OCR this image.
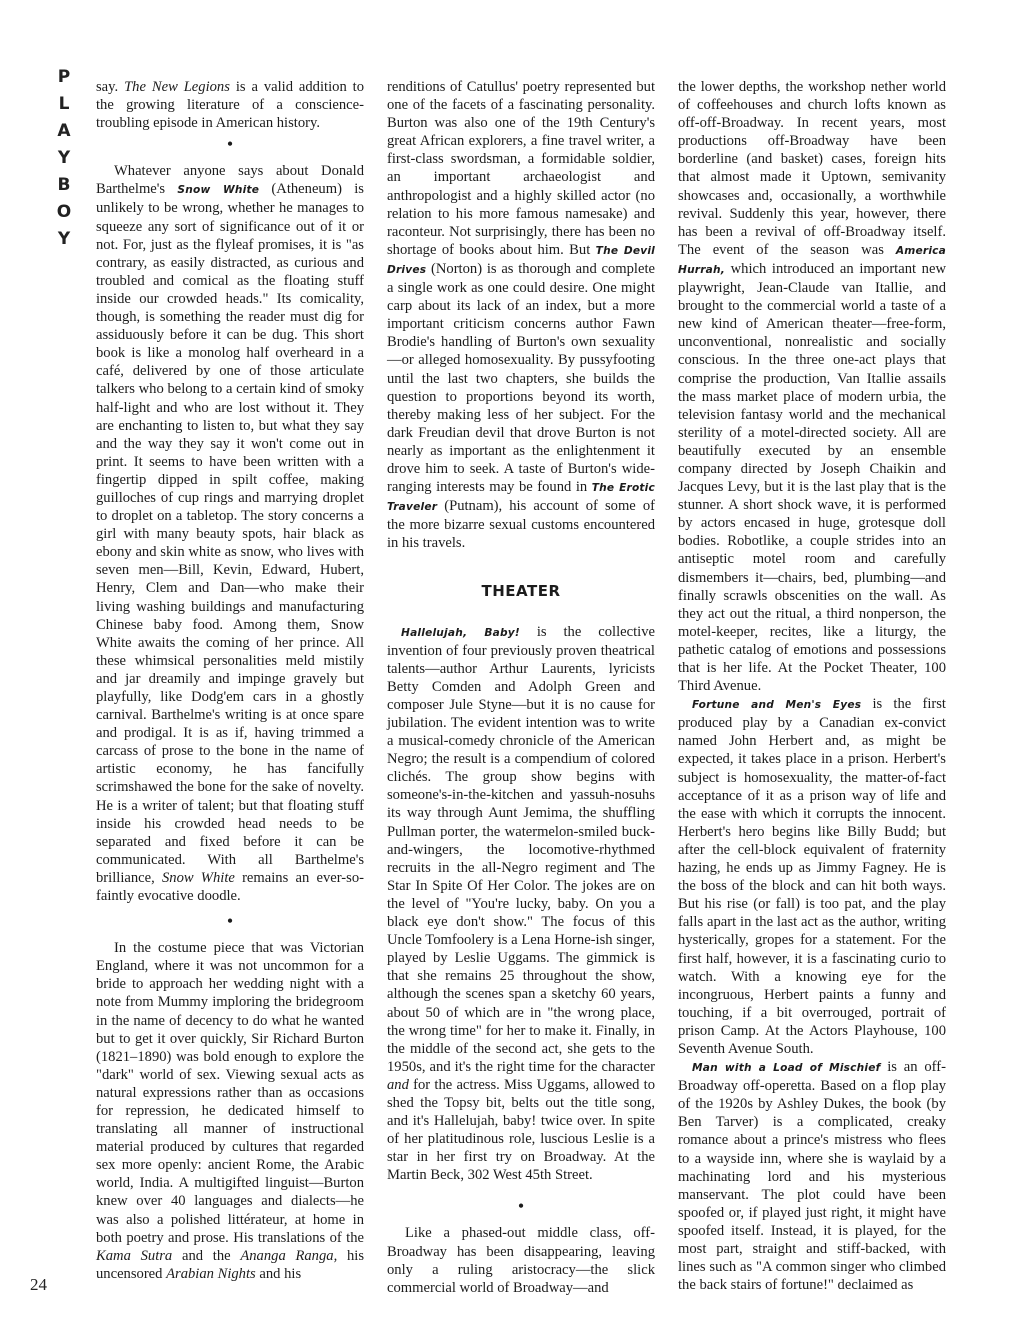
P
L
A
Y
B
O
Y
24

say. The New Legions is a valid addition to the growing literature of a conscience-troubling episode in American history.

•

Whatever anyone says about Donald Barthelme's Snow White (Atheneum) is unlikely to be wrong, whether he manages to squeeze any sort of significance out of it or not. For, just as the flyleaf promises, it is "as contrary, as easily distracted, as curious and troubled and comical as the floating stuff inside our crowded heads." Its comicality, though, is something the reader must dig for assiduously before it can be dug. This short book is like a monolog half overheard in a café, delivered by one of those articulate talkers who belong to a certain kind of smoky half-light and who are lost without it. They are enchanting to listen to, but what they say and the way they say it won't come out in print. It seems to have been written with a fingertip dipped in spilt coffee, making guilloches of cup rings and marrying droplet to droplet on a tabletop. The story concerns a girl with many beauty spots, hair black as ebony and skin white as snow, who lives with seven men—Bill, Kevin, Edward, Hubert, Henry, Clem and Dan—who make their living washing buildings and manufacturing Chinese baby food. Among them, Snow White awaits the coming of her prince. All these whimsical personalities meld mistily and jar dreamily and impinge gravely but playfully, like Dodg'em cars in a ghostly carnival. Barthelme's writing is at once spare and prodigal. It is as if, having trimmed a carcass of prose to the bone in the name of artistic economy, he has fancifully scrimshawed the bone for the sake of novelty. He is a writer of talent; but that floating stuff inside his crowded head needs to be separated and fixed before it can be communicated. With all Barthelme's brilliance, Snow White remains an ever-so-faintly evocative doodle.

•

In the costume piece that was Victorian England, where it was not uncommon for a bride to approach her wedding night with a note from Mummy imploring the bridegroom in the name of decency to do what he wanted but to get it over quickly, Sir Richard Burton (1821–1890) was bold enough to explore the "dark" world of sex. Viewing sexual acts as natural expressions rather than as occasions for repression, he dedicated himself to translating all manner of instructional material produced by cultures that regarded sex more openly: ancient Rome, the Arabic world, India. A multigifted linguist—Burton knew over 40 languages and dialects—he was also a polished littérateur, at home in both poetry and prose. His translations of the Kama Sutra and the Ananga Ranga, his uncensored Arabian Nights and his

renditions of Catullus' poetry represented but one of the facets of a fascinating personality. Burton was also one of the 19th Century's great African explorers, a fine travel writer, a first-class swordsman, a formidable soldier, an important archaeologist and anthropologist and a highly skilled actor (no relation to his more famous namesake) and raconteur. Not surprisingly, there has been no shortage of books about him. But The Devil Drives (Norton) is as thorough and complete a single work as one could desire. One might carp about its lack of an index, but a more important criticism concerns author Fawn Brodie's handling of Burton's own sexuality—or alleged homosexuality. By pussyfooting until the last two chapters, she builds the question to proportions beyond its worth, thereby making less of her subject. For the dark Freudian devil that drove Burton is not nearly as important as the enlightenment it drove him to seek. A taste of Burton's wide-ranging interests may be found in The Erotic Traveler (Putnam), his account of some of the more bizarre sexual customs encountered in his travels.

THEATER

Hallelujah, Baby! is the collective invention of four previously proven theatrical talents—author Arthur Laurents, lyricists Betty Comden and Adolph Green and composer Jule Styne—but it is no cause for jubilation. The evident intention was to write a musical-comedy chronicle of the American Negro; the result is a compendium of colored clichés. The group show begins with someone's-in-the-kitchen and yassuh-nosuhs its way through Aunt Jemima, the shuffling Pullman porter, the watermelon-smiled buck-and-wingers, the locomotive-rhythmed recruits in the all-Negro regiment and The Star In Spite Of Her Color. The jokes are on the level of "You're lucky, baby. On you a black eye don't show." The focus of this Uncle Tomfoolery is a Lena Horne-ish singer, played by Leslie Uggams. The gimmick is that she remains 25 throughout the show, although the scenes span a sketchy 60 years, about 50 of which are in "the wrong place, the wrong time" for her to make it. Finally, in the middle of the second act, she gets to the 1950s, and it's the right time for the character and for the actress. Miss Uggams, allowed to shed the Topsy bit, belts out the title song, and it's Hallelujah, baby! twice over. In spite of her platitudinous role, luscious Leslie is a star in her first try on Broadway. At the Martin Beck, 302 West 45th Street.

•

Like a phased-out middle class, off-Broadway has been disappearing, leaving only a ruling aristocracy—the slick commercial world of Broadway—and

the lower depths, the workshop nether world of coffeehouses and church lofts known as off-off-Broadway. In recent years, most productions off-Broadway have been borderline (and basket) cases, foreign hits that almost made it Uptown, semivanity showcases and, occasionally, a worthwhile revival. Suddenly this year, however, there has been a revival of off-Broadway itself. The event of the season was America Hurrah, which introduced an important new playwright, Jean-Claude van Itallie, and brought to the commercial world a taste of a new kind of American theater—free-form, unconventional, nonrealistic and socially conscious. In the three one-act plays that comprise the production, Van Itallie assails the mass market place of modern urbia, the television fantasy world and the mechanical sterility of a motel-directed society. All are beautifully executed by an ensemble company directed by Joseph Chaikin and Jacques Levy, but it is the last play that is the stunner. A short shock wave, it is performed by actors encased in huge, grotesque doll bodies. Robotlike, a couple strides into an antiseptic motel room and carefully dismembers it—chairs, bed, plumbing—and finally scrawls obscenities on the wall. As they act out the ritual, a third nonperson, the motel-keeper, recites, like a liturgy, the pathetic catalog of emotions and possessions that is her life. At the Pocket Theater, 100 Third Avenue.

Fortune and Men's Eyes is the first produced play by a Canadian ex-convict named John Herbert and, as might be expected, it takes place in a prison. Herbert's subject is homosexuality, the matter-of-fact acceptance of it as a prison way of life and the ease with which it corrupts the innocent. Herbert's hero begins like Billy Budd; but after the cell-block equivalent of fraternity hazing, he ends up as Jimmy Fagney. He is the boss of the block and can hit both ways. But his rise (or fall) is too pat, and the play falls apart in the last act as the author, writing hysterically, gropes for a statement. For the first half, however, it is a fascinating curio to watch. With a knowing eye for the incongruous, Herbert paints a funny and touching, if a bit overrouged, portrait of prison Camp. At the Actors Playhouse, 100 Seventh Avenue South.

Man with a Load of Mischief is an off-Broadway off-operetta. Based on a flop play of the 1920s by Ashley Dukes, the book (by Ben Tarver) is a complicated, creaky romance about a prince's mistress who flees to a wayside inn, where she is waylaid by a machinating lord and his mysterious manservant. The plot could have been spoofed or, if played just right, it might have spoofed itself. Instead, it is played, for the most part, straight and stiff-backed, with lines such as "A common singer who climbed the back stairs of fortune!" declaimed as
